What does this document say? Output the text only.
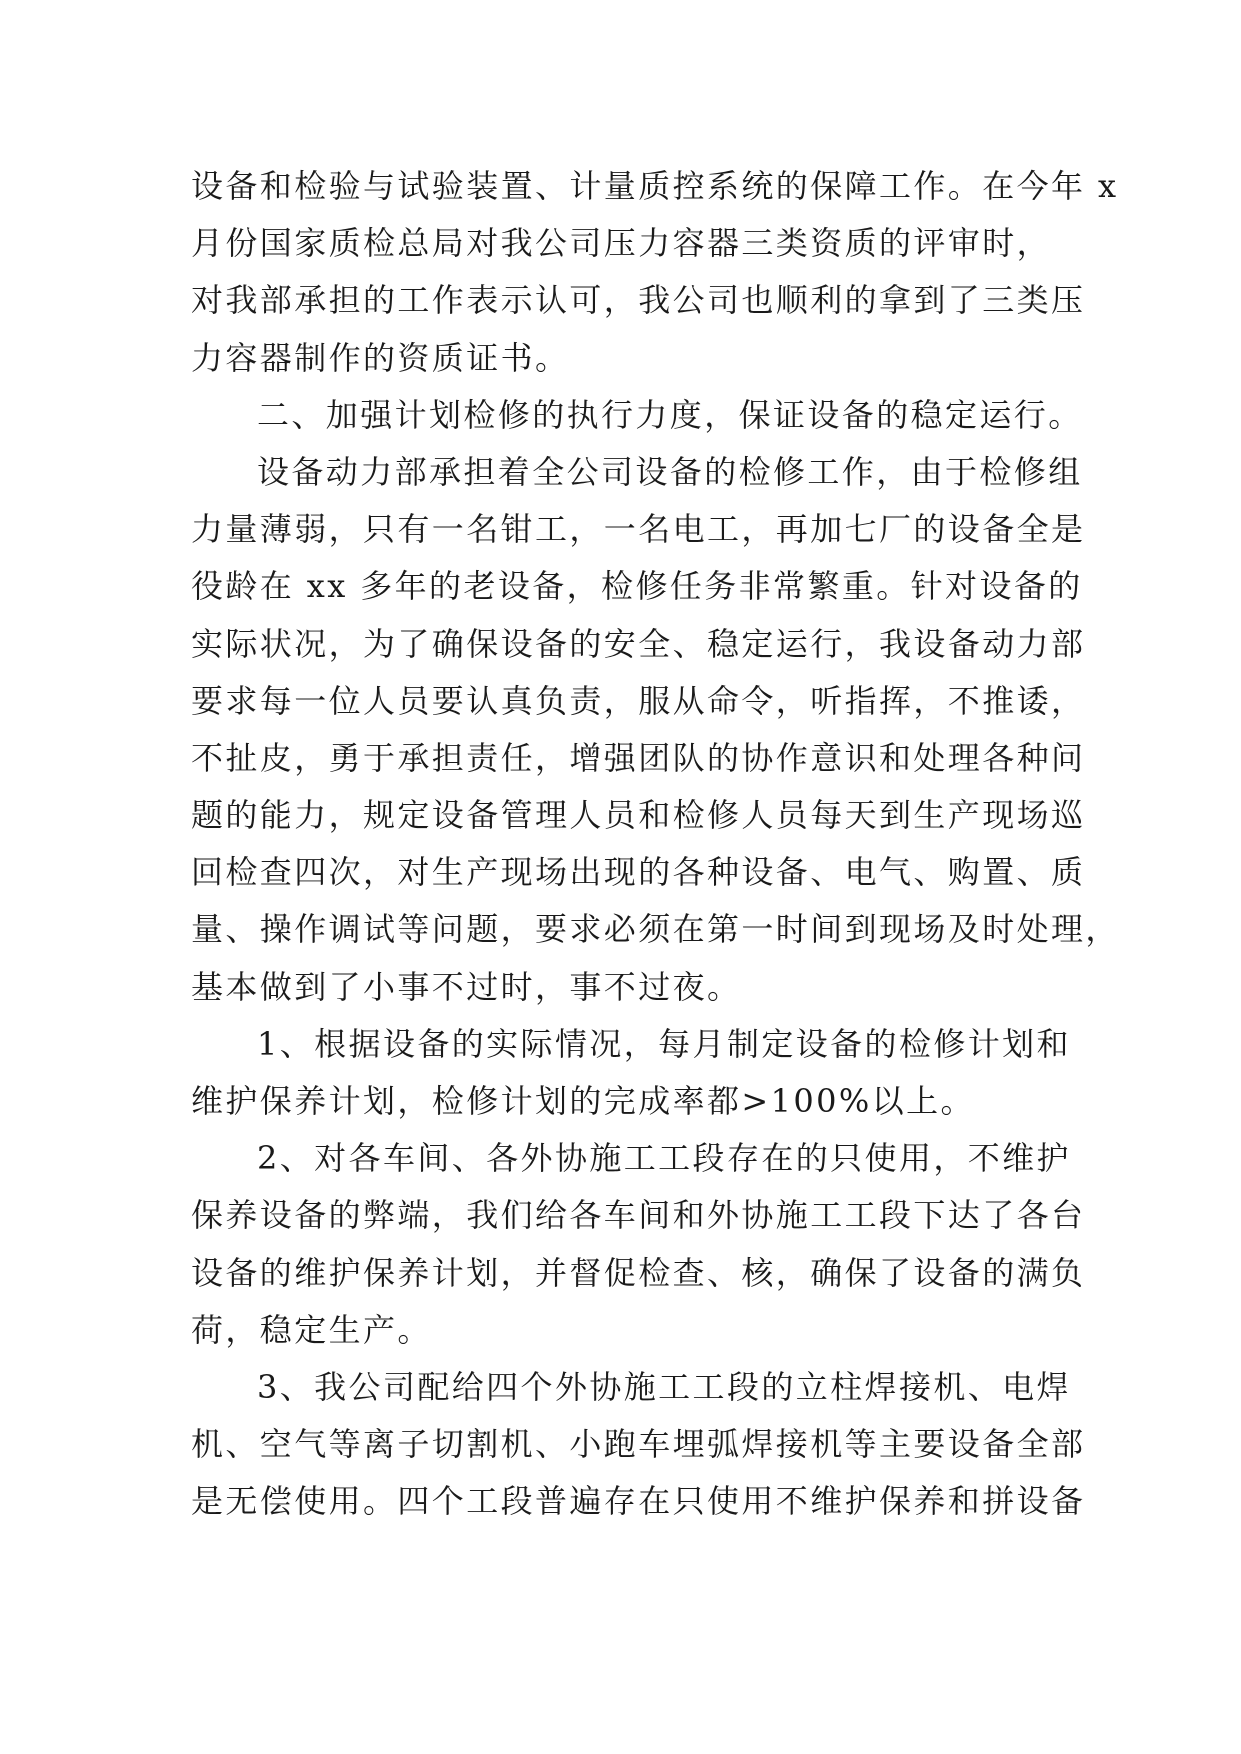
设备和检验与试验装置、计量质控系统的保障工作。在今年 x
月份国家质检总局对我公司压力容器三类资质的评审时，
对我部承担的工作表示认可，我公司也顺利的拿到了三类压
力容器制作的资质证书。
二、加强计划检修的执行力度，保证设备的稳定运行。
设备动力部承担着全公司设备的检修工作，由于检修组
力量薄弱，只有一名钳工，一名电工，再加七厂的设备全是
役龄在 xx 多年的老设备，检修任务非常繁重。针对设备的
实际状况，为了确保设备的安全、稳定运行，我设备动力部
要求每一位人员要认真负责，服从命令，听指挥，不推诿，
不扯皮，勇于承担责任，增强团队的协作意识和处理各种问
题的能力，规定设备管理人员和检修人员每天到生产现场巡
回检查四次，对生产现场出现的各种设备、电气、购置、质
量、操作调试等问题，要求必须在第一时间到现场及时处理，
基本做到了小事不过时，事不过夜。
1、根据设备的实际情况，每月制定设备的检修计划和
维护保养计划，检修计划的完成率都>100%以上。
2、对各车间、各外协施工工段存在的只使用，不维护
保养设备的弊端，我们给各车间和外协施工工段下达了各台
设备的维护保养计划，并督促检查、核，确保了设备的满负
荷，稳定生产。
3、我公司配给四个外协施工工段的立柱焊接机、电焊
机、空气等离子切割机、小跑车埋弧焊接机等主要设备全部
是无偿使用。四个工段普遍存在只使用不维护保养和拼设备
